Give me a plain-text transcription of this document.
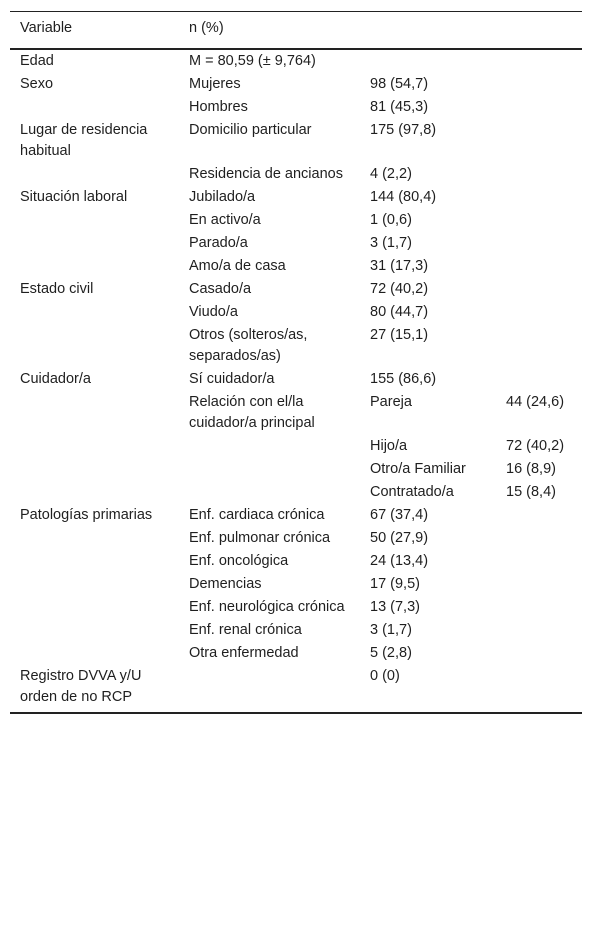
Variable	n (%)		
Edad	M = 80,59 (± 9,764)		
Sexo	Mujeres	98 (54,7)	
	Hombres	81 (45,3)	
Lugar de residencia habitual	Domicilio particular	175 (97,8)	
	Residencia de ancianos	4 (2,2)	
Situación laboral	Jubilado/a	144 (80,4)	
	En activo/a	1 (0,6)	
	Parado/a	3 (1,7)	
	Amo/a de casa	31 (17,3)	
Estado civil	Casado/a	72 (40,2)	
	Viudo/a	80 (44,7)	
	Otros (solteros/as, separados/as)	27 (15,1)	
Cuidador/a	Sí cuidador/a	155 (86,6)	
	Relación con el/la cuidador/a principal	Pareja	44 (24,6)
		Hijo/a	72 (40,2)
		Otro/a Familiar	16 (8,9)
		Contratado/a	15 (8,4)
Patologías primarias	Enf. cardiaca crónica	67 (37,4)	
	Enf. pulmonar crónica	50 (27,9)	
	Enf. oncológica	24 (13,4)	
	Demencias	17 (9,5)	
	Enf. neurológica crónica	13 (7,3)	
	Enf. renal crónica	3 (1,7)	
	Otra enfermedad	5 (2,8)	
Registro DVVA y/U orden de no RCP		0 (0)	
